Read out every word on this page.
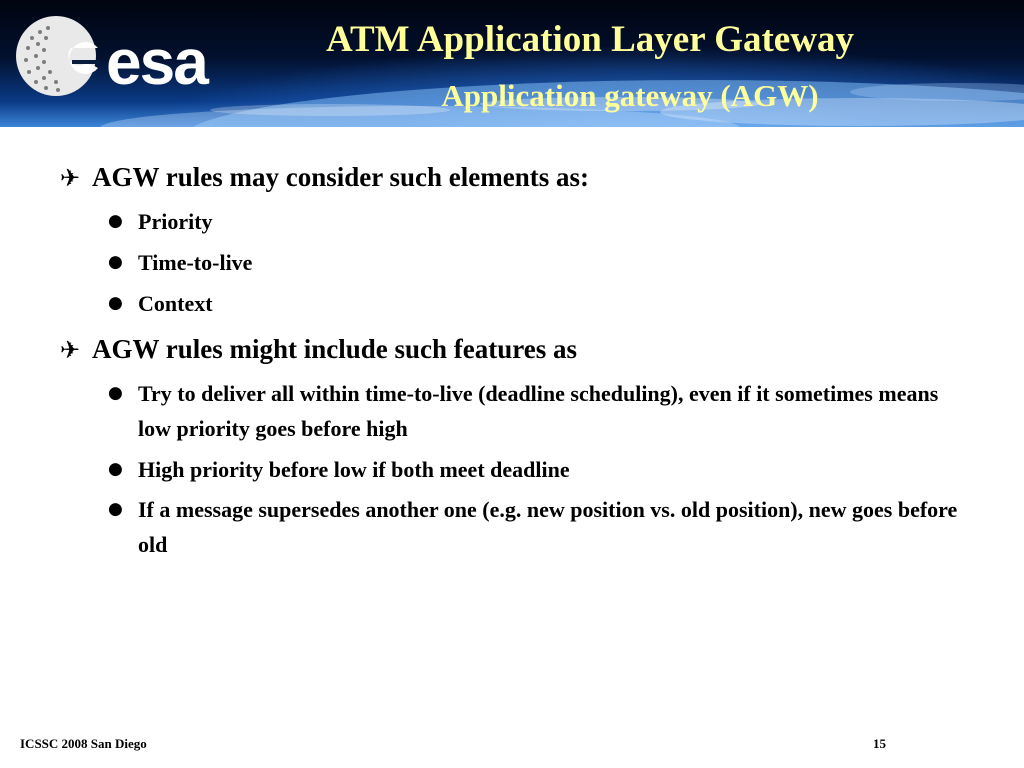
esa	ATM Application Layer Gateway
Application gateway (AGW)
✈ AGW rules may consider such elements as:
● Priority
● Time-to-live
● Context
✈ AGW rules might include such features as
● Try to deliver all within time-to-live (deadline scheduling), even if it sometimes means low priority goes before high
● High priority before low if both meet deadline
● If a message supersedes another one (e.g. new position vs. old position), new goes before old
ICSSC 2008 San Diego	15
